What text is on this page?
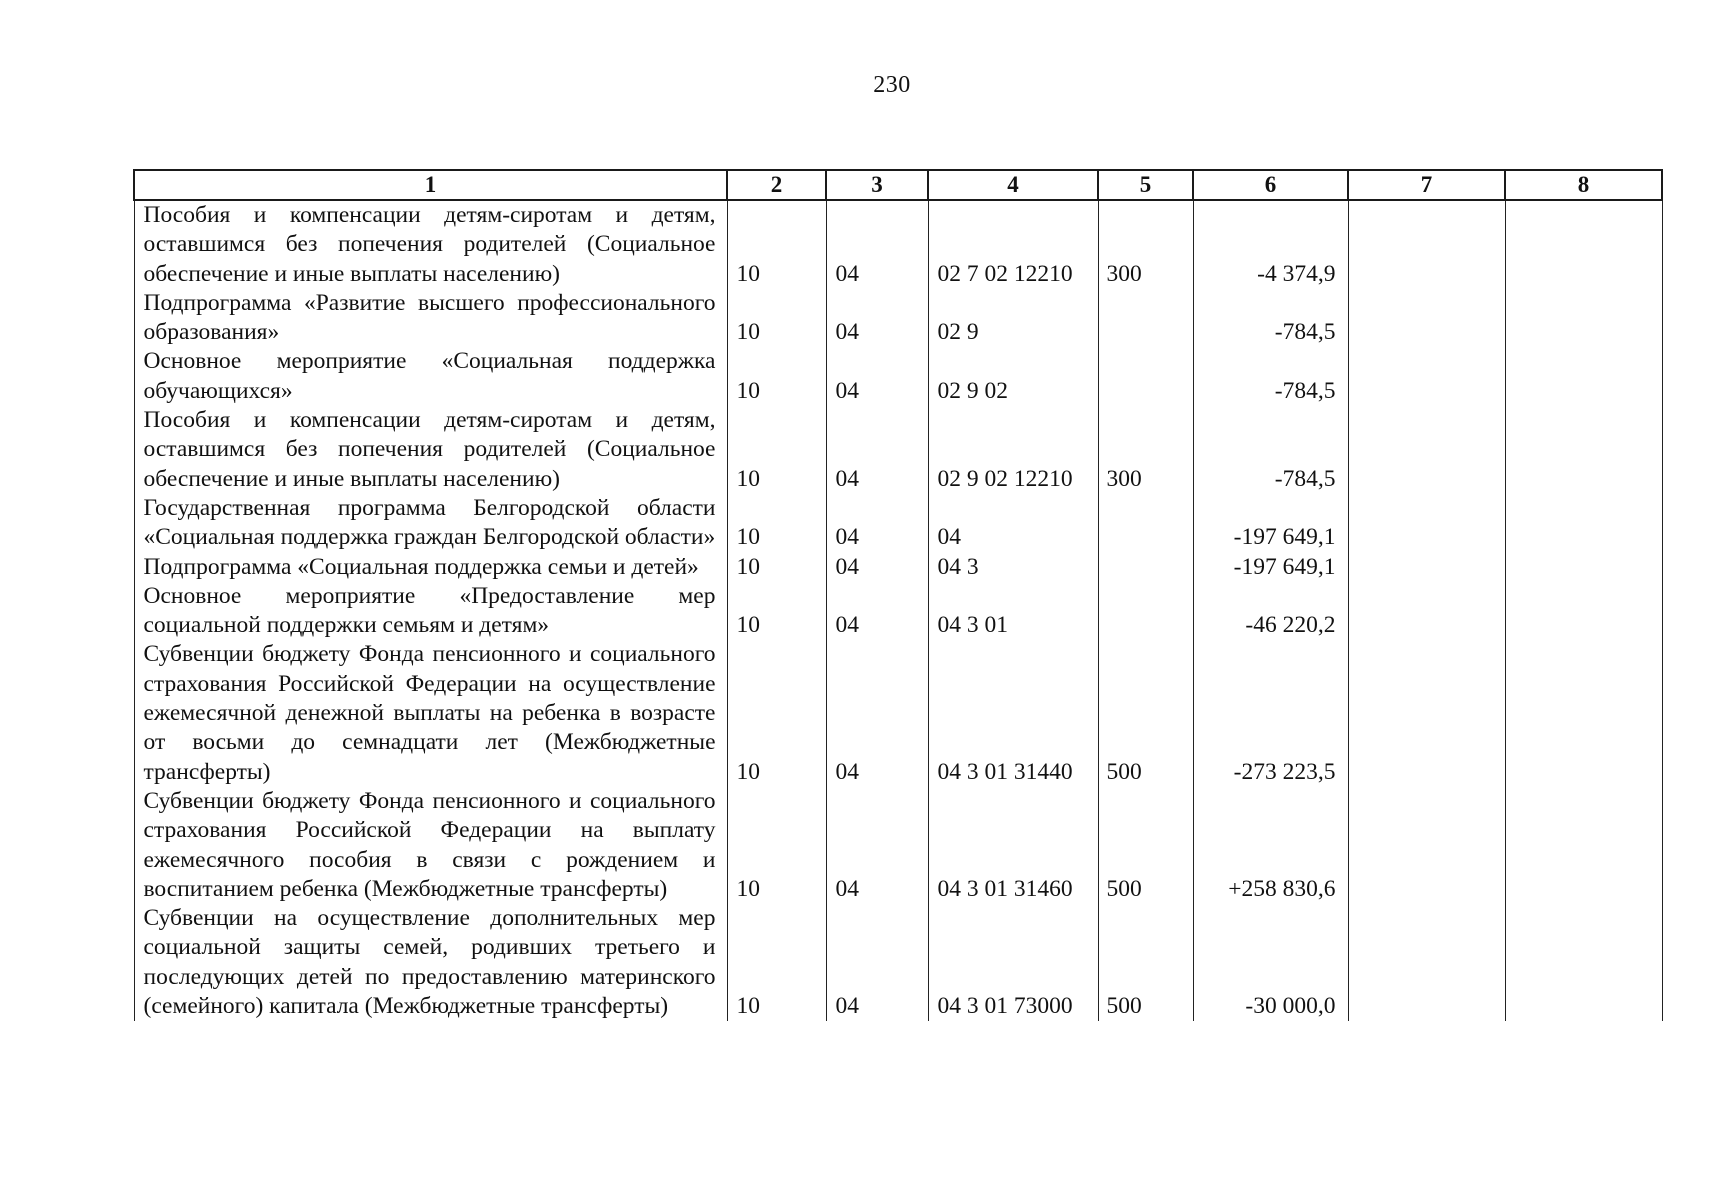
230
1	2	3	4	5	6	7	8
Пособия и компенсации детям-сиротам и детям, оставшимся без попечения родителей (Социальное обеспечение и иные выплаты населению)	10	04	02 7 02 12210	300	-4 374,9		
Подпрограмма «Развитие высшего профессионального образования»	10	04	02 9		-784,5		
Основное мероприятие «Социальная поддержка обучающихся»	10	04	02 9 02		-784,5		
Пособия и компенсации детям-сиротам и детям, оставшимся без попечения родителей (Социальное обеспечение и иные выплаты населению)	10	04	02 9 02 12210	300	-784,5		
Государственная программа Белгородской области «Социальная поддержка граждан Белгородской области»	10	04	04		-197 649,1		
Подпрограмма «Социальная поддержка семьи и детей»	10	04	04 3		-197 649,1		
Основное мероприятие «Предоставление мер социальной поддержки семьям и детям»	10	04	04 3 01		-46 220,2		
Субвенции бюджету Фонда пенсионного и социального страхования Российской Федерации на осуществление ежемесячной денежной выплаты на ребенка в возрасте от восьми до семнадцати лет (Межбюджетные трансферты)	10	04	04 3 01 31440	500	-273 223,5		
Субвенции бюджету Фонда пенсионного и социального страхования Российской Федерации на выплату ежемесячного пособия в связи с рождением и воспитанием ребенка (Межбюджетные трансферты)	10	04	04 3 01 31460	500	+258 830,6		
Субвенции на осуществление дополнительных мер социальной защиты семей, родивших третьего и последующих детей по предоставлению материнского (семейного) капитала (Межбюджетные трансферты)	10	04	04 3 01 73000	500	-30 000,0		
